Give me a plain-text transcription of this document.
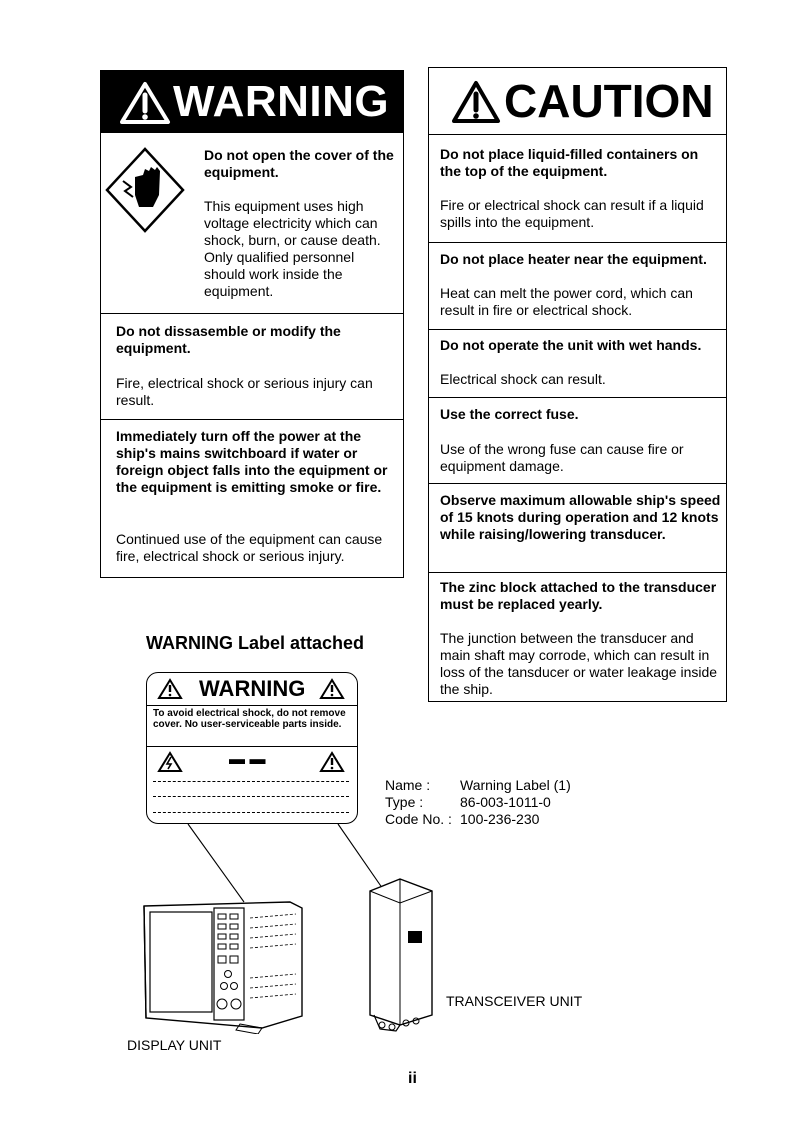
WARNING
Do not open the cover of the equipment.
This equipment uses high voltage electricity which can shock, burn, or cause death. Only qualified personnel should work inside the equipment.
Do not dissasemble or modify the equipment.
Fire, electrical shock or serious injury can result.
Immediately turn off the power at the ship's mains switchboard if water or foreign object falls into the equipment or the equipment is emitting smoke or fire.
Continued use of the equipment can cause fire, electrical shock or serious injury.
CAUTION
Do not place liquid-filled containers on the top of the equipment.
Fire or electrical shock can result if a liquid spills into the equipment.
Do not place heater near the equipment.
Heat can melt the power cord, which can result in fire or electrical shock.
Do not operate the unit with wet hands.
Electrical shock can result.
Use the correct fuse.
Use of the wrong fuse can cause fire or equipment damage.
Observe maximum allowable ship's speed of 15 knots during operation and 12 knots while raising/lowering transducer.
The zinc block attached to the transducer must be replaced yearly.
The junction between the transducer and main shaft may corrode, which can result in loss of the tansducer or water leakage inside the ship.
WARNING Label attached
WARNING
To avoid electrical shock, do not remove cover. No user-serviceable parts inside.
▬ ▬
Name : Warning Label (1)
Type :	86-003-1011-0
Code No. : 100-236-230
DISPLAY UNIT
TRANSCEIVER UNIT
ii
